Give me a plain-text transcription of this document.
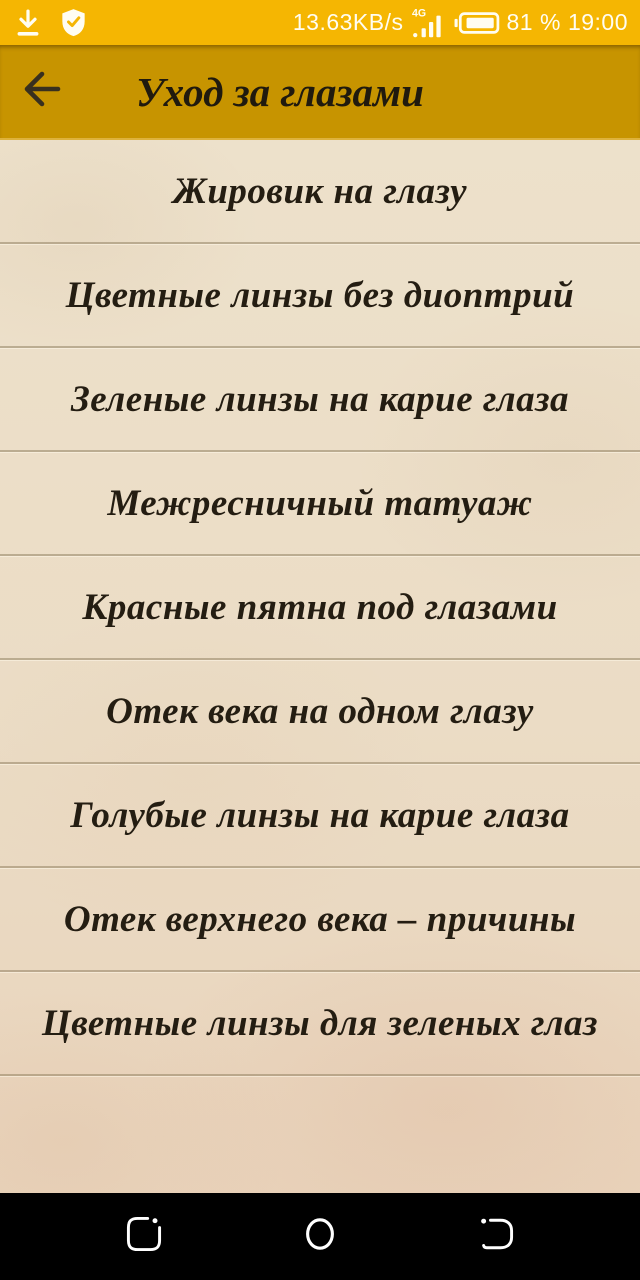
13.63KB/s 4G	81 % 19:00
Уход за глазами
Жировик на глазу
Цветные линзы без диоптрий
Зеленые линзы на карие глаза
Межресничный татуаж
Красные пятна под глазами
Отек века на одном глазу
Голубые линзы на карие глаза
Отек верхнего века – причины
Цветные линзы для зеленых глаз
